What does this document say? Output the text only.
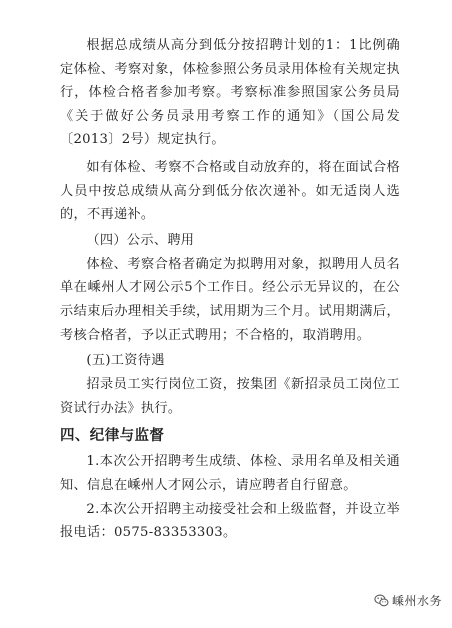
根据总成绩从高分到低分按招聘计划的1：1比例确定体检、考察对象，体检参照公务员录用体检有关规定执行，体检合格者参加考察。考察标准参照国家公务员局《关于做好公务员录用考察工作的通知》（国公局发〔2013〕2号）规定执行。

如有体检、考察不合格或自动放弃的，将在面试合格人员中按总成绩从高分到低分依次递补。如无适岗人选的，不再递补。

（四）公示、聘用

体检、考察合格者确定为拟聘用对象，拟聘用人员名单在嵊州人才网公示5个工作日。经公示无异议的，在公示结束后办理相关手续，试用期为三个月。试用期满后，考核合格者，予以正式聘用；不合格的，取消聘用。

(五)工资待遇

招录员工实行岗位工资，按集团《新招录员工岗位工资试行办法》执行。

四、纪律与监督

1.本次公开招聘考生成绩、体检、录用名单及相关通知、信息在嵊州人才网公示，请应聘者自行留意。

2.本次公开招聘主动接受社会和上级监督，并设立举报电话：0575-83353303。

嵊州水务
